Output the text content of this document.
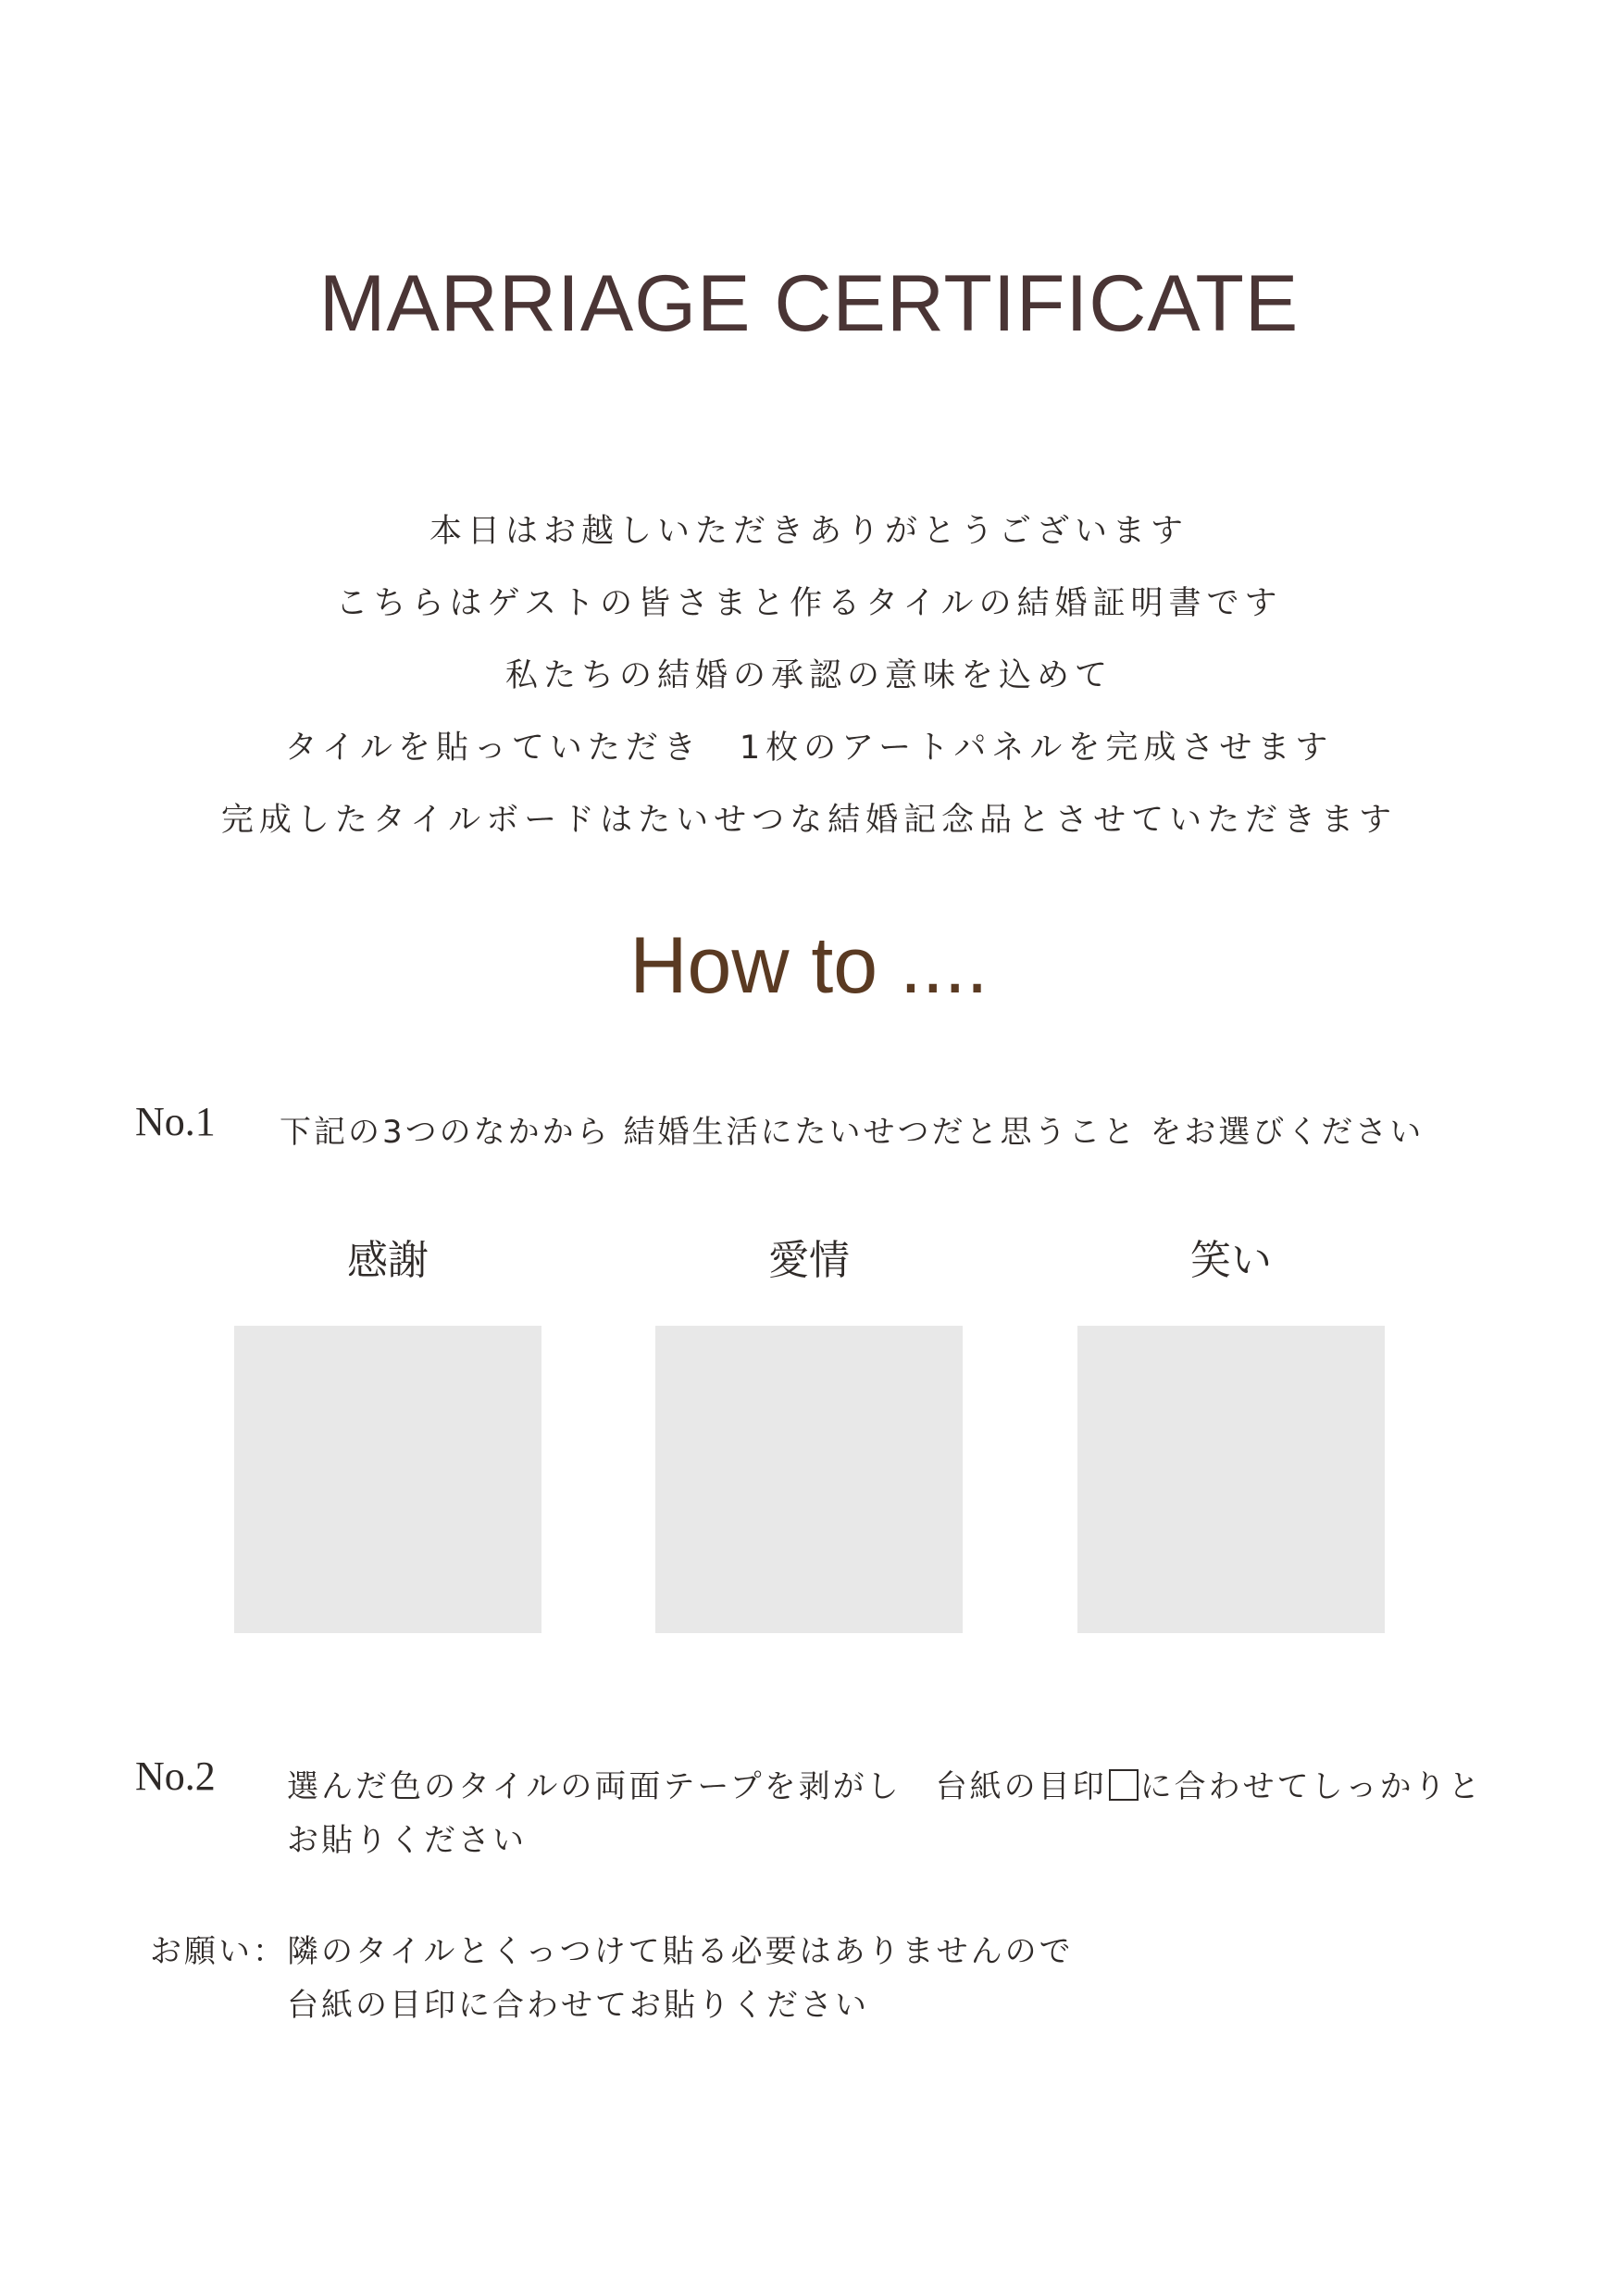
MARRIAGE CERTIFICATE
本日はお越しいただきありがとうございます
こちらはゲストの皆さまと作るタイルの結婚証明書です
私たちの結婚の承認の意味を込めて
タイルを貼っていただき　1枚のアートパネルを完成させます
完成したタイルボードはたいせつな結婚記念品とさせていただきます
How to ....
No.1 下記の3つのなかから 結婚生活にたいせつだと思うこと をお選びください
感謝	愛情	笑い
No.2 選んだ色のタイルの両面テープを剥がし　台紙の目印 に合わせてしっかりと
お貼りください
お願い： 隣のタイルとくっつけて貼る必要はありませんので
台紙の目印に合わせてお貼りください
